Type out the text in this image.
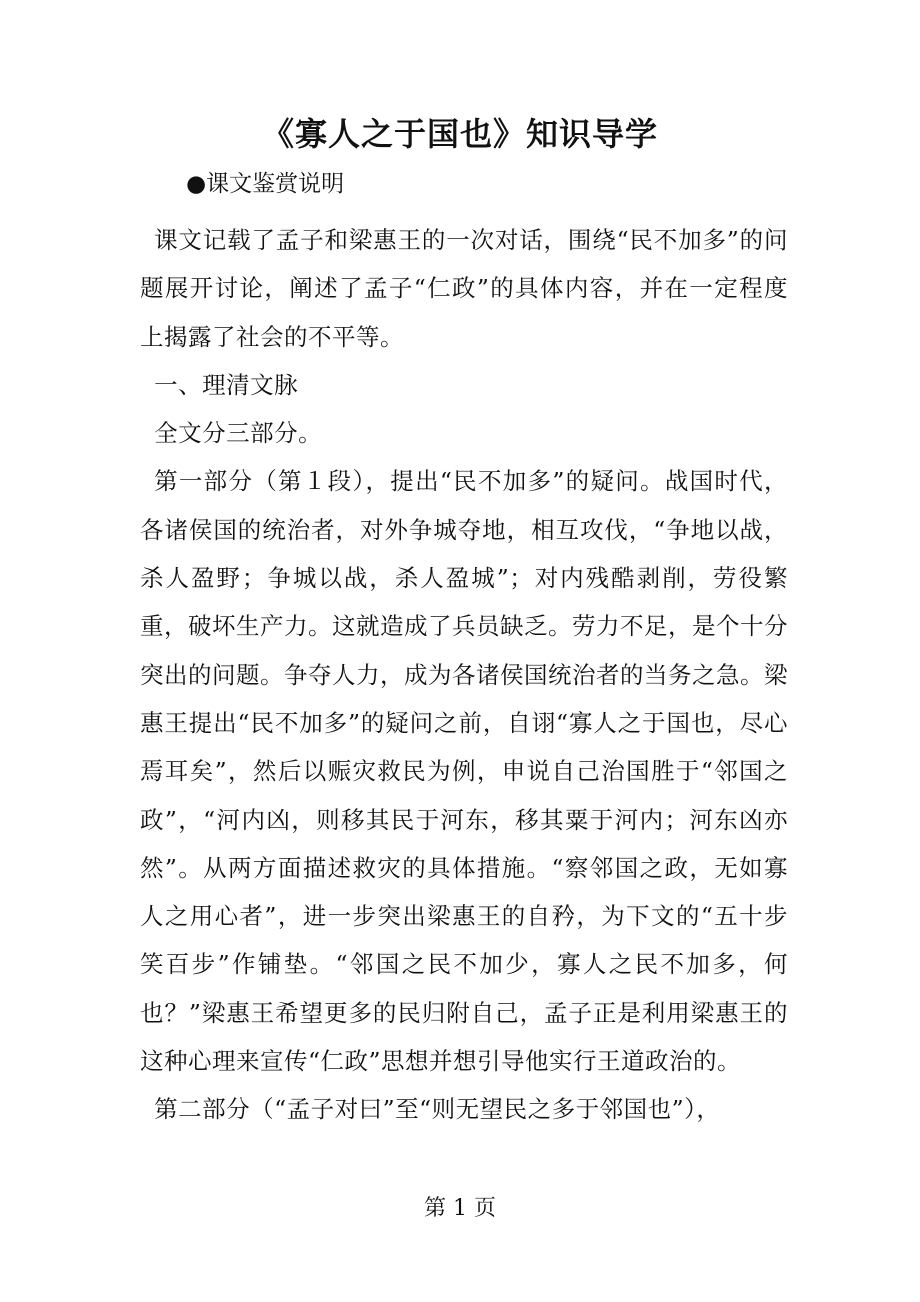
《寡人之于国也》知识导学
●课文鉴赏说明

课文记载了孟子和梁惠王的一次对话，围绕“民不加多”的问题展开讨论，阐述了孟子“仁政”的具体内容，并在一定程度上揭露了社会的不平等。

一、理清文脉

全文分三部分。

第一部分（第１段），提出“民不加多”的疑问。战国时代，各诸侯国的统治者，对外争城夺地，相互攻伐，“争地以战，杀人盈野；争城以战，杀人盈城”；对内残酷剥削，劳役繁重，破坏生产力。这就造成了兵员缺乏。劳力不足，是个十分突出的问题。争夺人力，成为各诸侯国统治者的当务之急。梁惠王提出“民不加多”的疑问之前，自诩“寡人之于国也，尽心焉耳矣”，然后以赈灾救民为例，申说自己治国胜于“邻国之政”，“河内凶，则移其民于河东，移其粟于河内；河东凶亦然”。从两方面描述救灾的具体措施。“察邻国之政，无如寡人之用心者”，进一步突出梁惠王的自矜，为下文的“五十步笑百步”作铺垫。“邻国之民不加少，寡人之民不加多，何也？”梁惠王希望更多的民归附自己，孟子正是利用梁惠王的这种心理来宣传“仁政”思想并想引导他实行王道政治的。

第二部分（“孟子对曰”至“则无望民之多于邻国也”），

第 1 页
